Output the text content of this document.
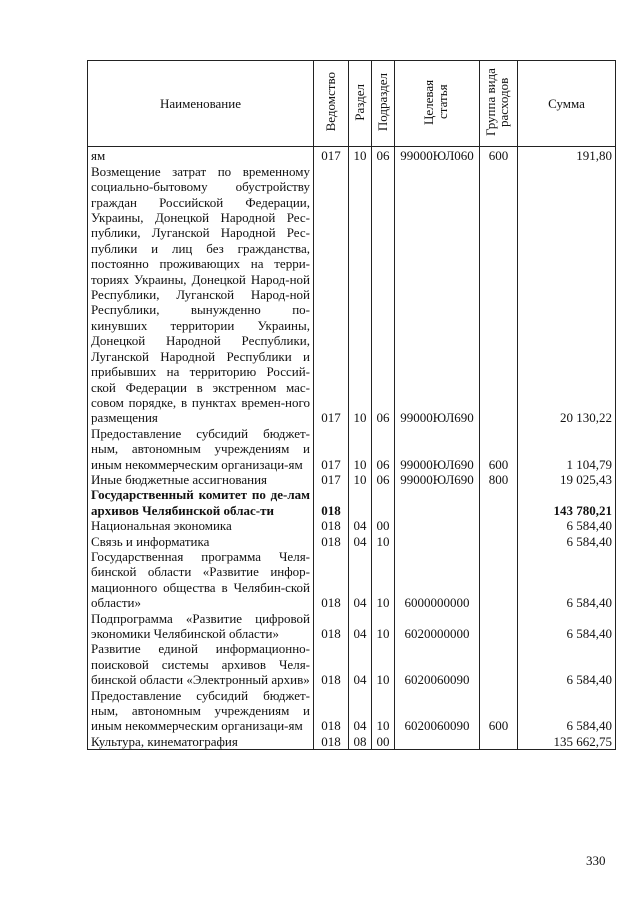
Наименование	Ведомство	Раздел	Подраздел	Целевая статья	Группа вида расходов	Сумма
ям	017	10	06	99000ЮЛ060	600	191,80
Возмещение затрат по временному социально-бытовому обустройству граждан Российской Федерации, Украины, Донецкой Народной Рес-публики, Луганской Народной Рес-публики и лиц без гражданства, постоянно проживающих на терри-ториях Украины, Донецкой Народ-ной Республики, Луганской Народ-ной Республики, вынужденно по-кинувших территории Украины, Донецкой Народной Республики, Луганской Народной Республики и прибывших на территорию Россий-ской Федерации в экстренном мас-совом порядке, в пунктах времен-ного размещения	017	10	06	99000ЮЛ690		20 130,22
Предоставление субсидий бюджет-ным, автономным учреждениям и иным некоммерческим организаци-ям	017	10	06	99000ЮЛ690	600	1 104,79
Иные бюджетные ассигнования	017	10	06	99000ЮЛ690	800	19 025,43
Государственный комитет по де-лам архивов Челябинской облас-ти	018					143 780,21
Национальная экономика	018	04	00			6 584,40
Связь и информатика	018	04	10			6 584,40
Государственная программа Челя-бинской области «Развитие инфор-мационного общества в Челябин-ской области»	018	04	10	6000000000		6 584,40
Подпрограмма «Развитие цифровой экономики Челябинской области»	018	04	10	6020000000		6 584,40
Развитие единой информационно-поисковой системы архивов Челя-бинской области «Электронный архив»	018	04	10	6020060090		6 584,40
Предоставление субсидий бюджет-ным, автономным учреждениям и иным некоммерческим организаци-ям	018	04	10	6020060090	600	6 584,40
Культура, кинематография	018	08	00			135 662,75
330
